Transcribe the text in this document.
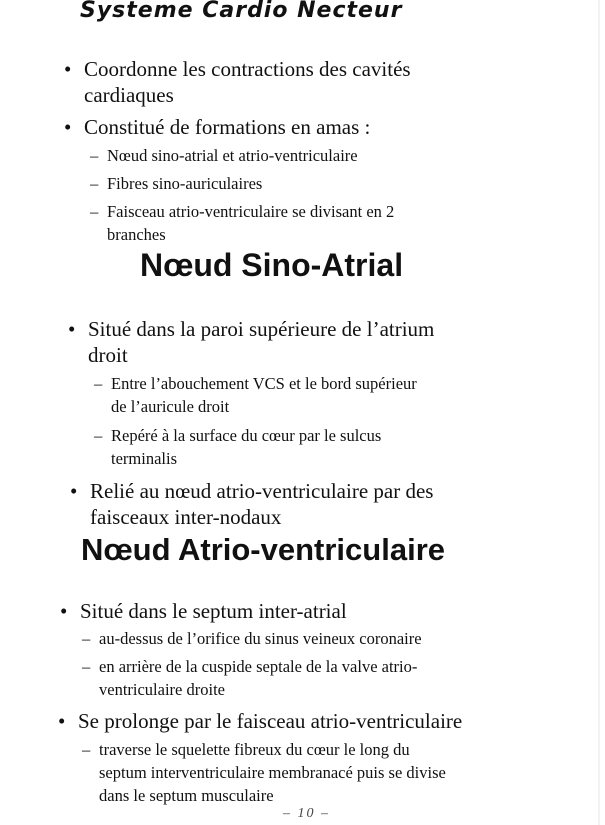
Systeme Cardio Necteur
• Coordonne les contractions des cavités
cardiaques
• Constitué de formations en amas :
– Nœud sino-atrial et atrio-ventriculaire
– Fibres sino-auriculaires
– Faisceau atrio-ventriculaire se divisant en 2
branches
Nœud Sino-Atrial
• Situé dans la paroi supérieure de l’atrium
droit
– Entre l’abouchement VCS et le bord supérieur
de l’auricule droit
– Repéré à la surface du cœur par le sulcus
terminalis
• Relié au nœud atrio-ventriculaire par des
faisceaux inter-nodaux
Nœud Atrio-ventriculaire
• Situé dans le septum inter-atrial
– au-dessus de l’orifice du sinus veineux coronaire
– en arrière de la cuspide septale de la valve atrio-
ventriculaire droite
• Se prolonge par le faisceau atrio-ventriculaire
– traverse le squelette fibreux du cœur le long du
septum interventriculaire membranacé puis se divise
dans le septum musculaire
– 10 –
